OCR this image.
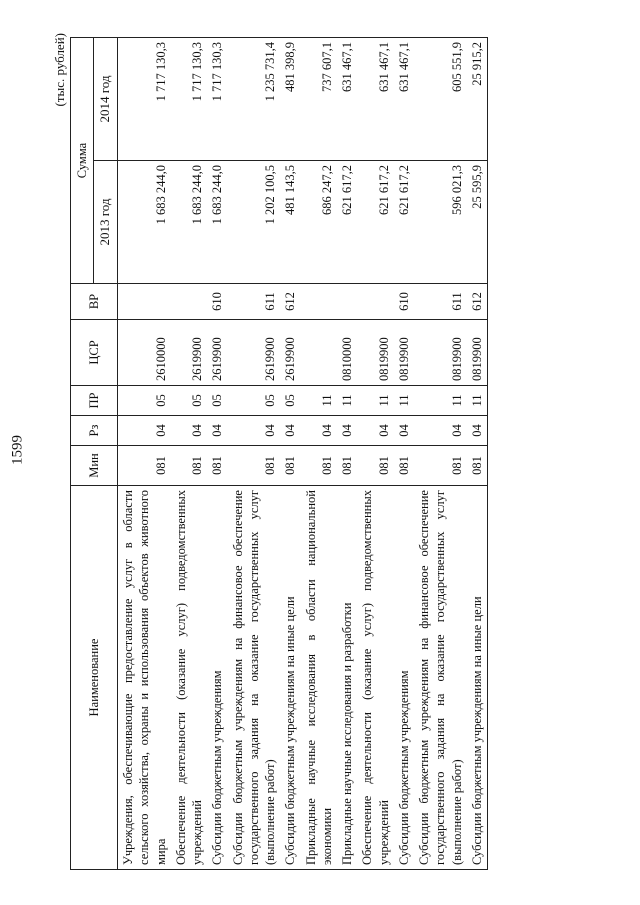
1599
(тыс. рублей)
Наименование	Мин	Рз	ПР	ЦСР	ВР	Сумма	
						2013 год	2014 год
Учреждения, обеспечивающие предоставление услуг в области сельского хозяйства, охраны и использования объектов животного мира	081	04	05	2610000		1 683 244,0	1 717 130,3
Обеспечение деятельности (оказание услуг) подведомственных учреждений	081	04	05	2619900		1 683 244,0	1 717 130,3
Субсидии бюджетным учреждениям	081	04	05	2619900	610	1 683 244,0	1 717 130,3
Субсидии бюджетным учреждениям на финансовое обеспечение государственного задания на оказание государственных услуг (выполнение работ)	081	04	05	2619900	611	1 202 100,5	1 235 731,4
Субсидии бюджетным учреждениям на иные цели	081	04	05	2619900	612	481 143,5	481 398,9
Прикладные научные исследования в области национальной экономики	081	04	11			686 247,2	737 607,1
Прикладные научные исследования и разработки	081	04	11	0810000		621 617,2	631 467,1
Обеспечение деятельности (оказание услуг) подведомственных учреждений	081	04	11	0819900		621 617,2	631 467,1
Субсидии бюджетным учреждениям	081	04	11	0819900	610	621 617,2	631 467,1
Субсидии бюджетным учреждениям на финансовое обеспечение государственного задания на оказание государственных услуг (выполнение работ)	081	04	11	0819900	611	596 021,3	605 551,9
Субсидии бюджетным учреждениям на иные цели	081	04	11	0819900	612	25 595,9	25 915,2
